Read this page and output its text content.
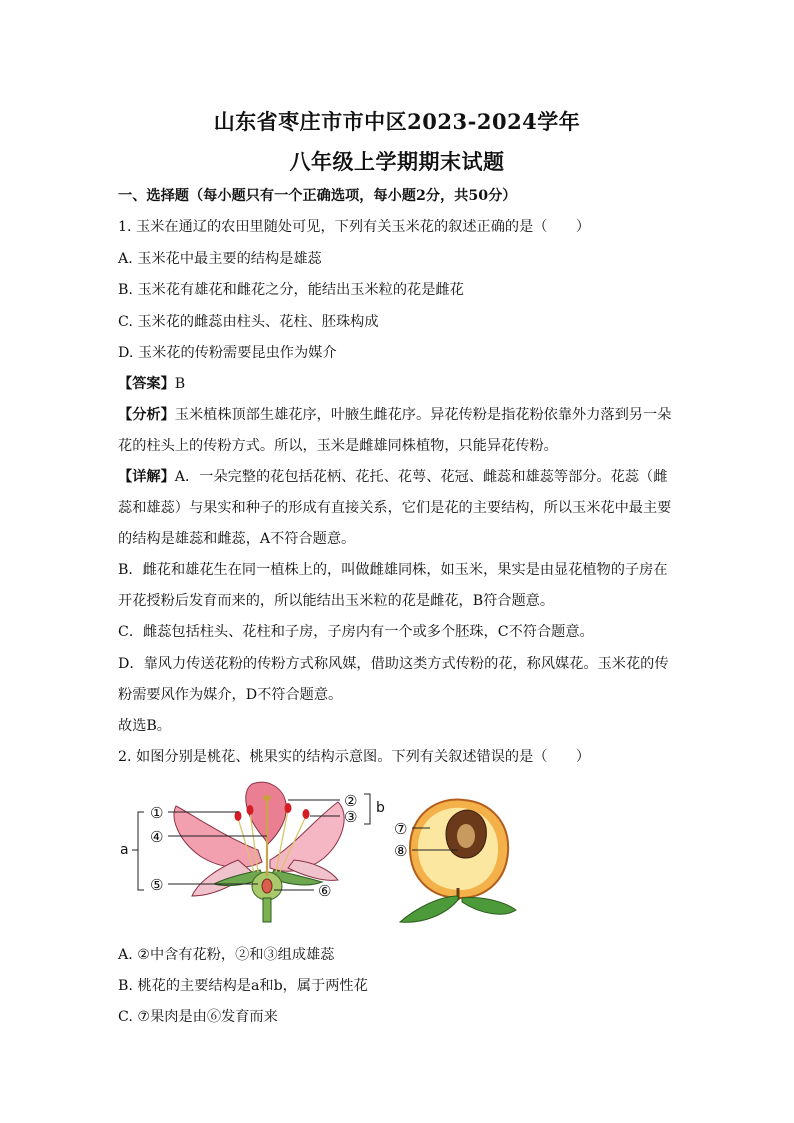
山东省枣庄市市中区2023-2024学年
八年级上学期期末试题
一、选择题（每小题只有一个正确选项，每小题2分，共50分）
1. 玉米在通辽的农田里随处可见，下列有关玉米花的叙述正确的是（　　）
A. 玉米花中最主要的结构是雄蕊
B. 玉米花有雄花和雌花之分，能结出玉米粒的花是雌花
C. 玉米花的雌蕊由柱头、花柱、胚珠构成
D. 玉米花的传粉需要昆虫作为媒介
【答案】B
【分析】玉米植株顶部生雄花序，叶腋生雌花序。异花传粉是指花粉依靠外力落到另一朵
花的柱头上的传粉方式。所以，玉米是雌雄同株植物，只能异花传粉。
【详解】A．一朵完整的花包括花柄、花托、花萼、花冠、雌蕊和雄蕊等部分。花蕊（雌
蕊和雄蕊）与果实和种子的形成有直接关系，它们是花的主要结构，所以玉米花中最主要
的结构是雄蕊和雌蕊，A不符合题意。
B．雌花和雄花生在同一植株上的，叫做雌雄同株，如玉米，果实是由显花植物的子房在
开花授粉后发育而来的，所以能结出玉米粒的花是雌花，B符合题意。
C．雌蕊包括柱头、花柱和子房，子房内有一个或多个胚珠，C不符合题意。
D．靠风力传送花粉的传粉方式称风媒，借助这类方式传粉的花，称风媒花。玉米花的传
粉需要风作为媒介，D不符合题意。
故选B。
2. 如图分别是桃花、桃果实的结构示意图。下列有关叙述错误的是（　　）
①
④
⑤
②
③
⑥
a
b
⑦
⑧
A. ②中含有花粉，②和③组成雄蕊
B. 桃花的主要结构是a和b，属于两性花
C. ⑦果肉是由⑥发育而来
